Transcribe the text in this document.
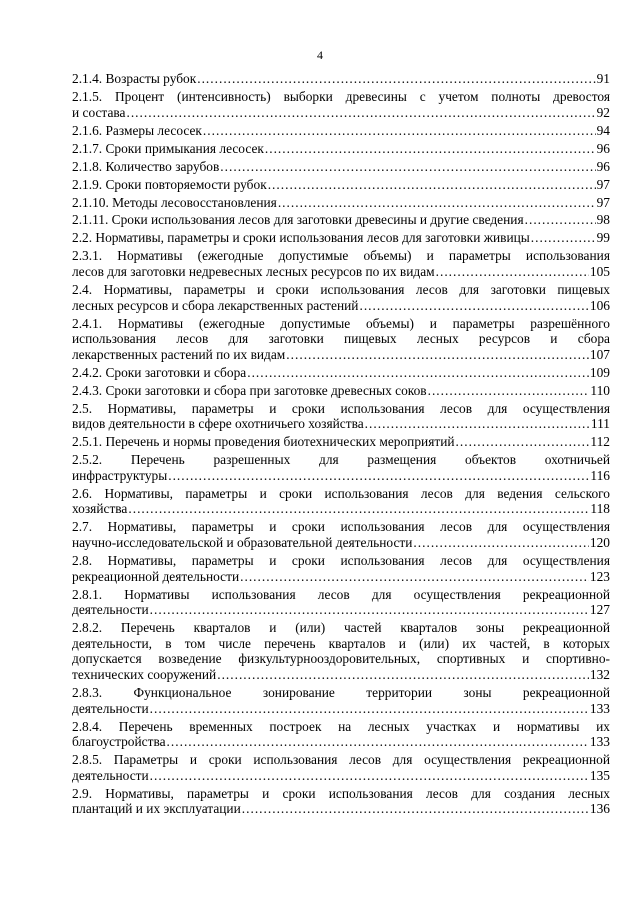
4
2.1.4. Возрасты рубок .....	91
2.1.5. Процент (интенсивность) выборки древесины с учетом полноты древостоя
и состава .....	92
2.1.6. Размеры лесосек .....	94
2.1.7. Сроки примыкания лесосек .....	96
2.1.8. Количество зарубов .....	96
2.1.9. Сроки повторяемости рубок .....	97
2.1.10. Методы лесовосстановления .....	97
2.1.11. Сроки использования лесов для заготовки древесины и другие сведения .....	98
2.2. Нормативы, параметры и сроки использования лесов для заготовки живицы .....	99
2.3.1. Нормативы (ежегодные допустимые объемы) и параметры использования
лесов для заготовки недревесных лесных ресурсов по их видам .....	105
2.4. Нормативы, параметры и сроки использования лесов для заготовки пищевых
лесных ресурсов и сбора лекарственных растений .....	106
2.4.1. Нормативы (ежегодные допустимые объемы) и параметры разрешённого
использования лесов для заготовки пищевых лесных ресурсов и сбора
лекарственных растений по их видам .....	107
2.4.2. Сроки заготовки и сбора .....	109
2.4.3. Сроки заготовки и сбора при заготовке древесных соков .....	110
2.5. Нормативы, параметры и сроки использования лесов для осуществления
видов деятельности в сфере охотничьего хозяйства .....	111
2.5.1. Перечень и нормы проведения биотехнических мероприятий .....	112
2.5.2. Перечень разрешенных для размещения объектов охотничьей
инфраструктуры .....	116
2.6. Нормативы, параметры и сроки использования лесов для ведения сельского
хозяйства .....	118
2.7. Нормативы, параметры и сроки использования лесов для осуществления
научно-исследовательской и образовательной деятельности .....	120
2.8. Нормативы, параметры и сроки использования лесов для осуществления
рекреационной деятельности .....	123
2.8.1. Нормативы использования лесов для осуществления рекреационной
деятельности .....	127
2.8.2. Перечень кварталов и (или) частей кварталов зоны рекреационной
деятельности, в том числе перечень кварталов и (или) их частей, в которых
допускается возведение физкультурноoздоровительных, спортивных и спортивно-
технических сооружений .....	132
2.8.3. Функциональное зонирование территории зоны рекреационной
деятельности .....	133
2.8.4. Перечень временных построек на лесных участках и нормативы их
благоустройства .....	133
2.8.5. Параметры и сроки использования лесов для осуществления рекреационной
деятельности .....	135
2.9. Нормативы, параметры и сроки использования лесов для создания лесных
плантаций и их эксплуатации .....	136
